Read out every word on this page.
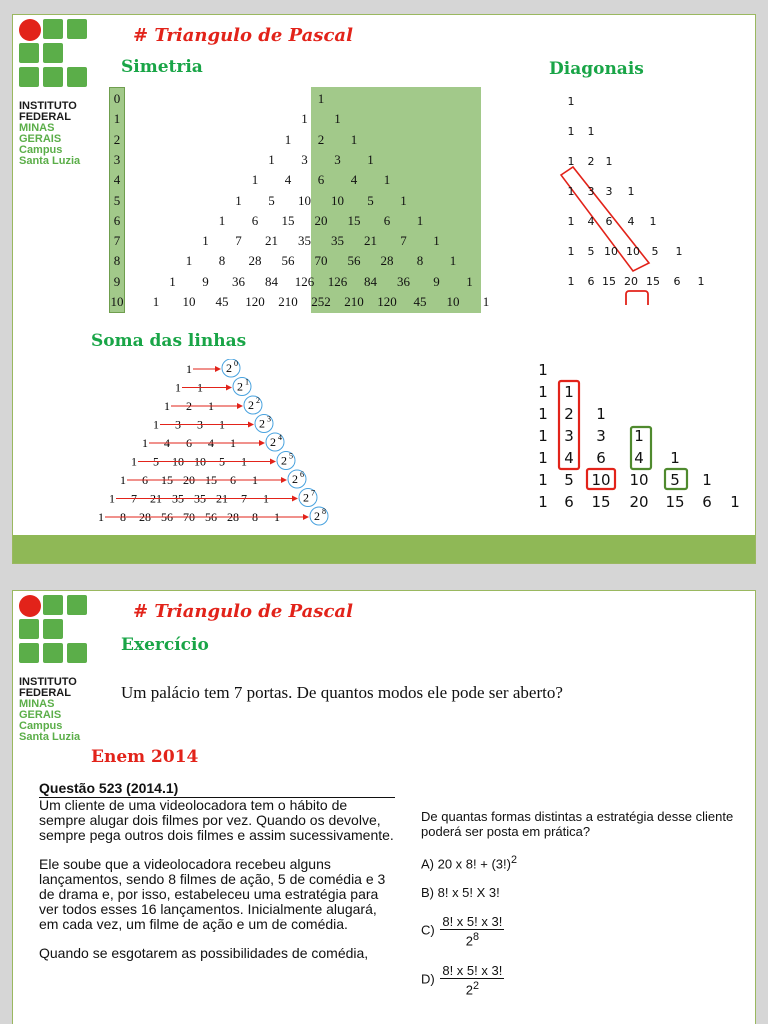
INSTITUTO
FEDERAL
MINAS GERAIS
Campus
Santa Luzia
# Triangulo de Pascal
Simetria	Diagonais
Soma das linhas
0	1
1	1 1
2	1 2 1
3	1 3 3 1
4	1 4 6 4 1
5	1 5 10 10 5 1
6	1 6 15 20 15 6 1
7	1 7 21 35 35 21 7 1
8	1 8 28 56 70 56 28 8 1
9	1 9 36 84 126 126 84 36 9 1
10 1 10 45 120 210 252 210 120 45 10 1
1
1 1
1 2 1
1 3 3 1
1 4 6 4 1
1 5 10 10 5 1
1 6 15 20 15 6 1
1	2 0
1 1	2 1
1 2 1	2 2
1 3 3 1	2 3
1 4 6 4 1	2 4
1 5 10 10 5 1	2 5
1 6 15 20 15 6 1	2 6
1 7 21 35 35 21 7 1	2 7
1 8 28 56 70 56 28 8 1	2 8
1
1 1
1 2 1
1 3 3 1
1 4 6 4 1
1 5 10 10 5 1
1 6 15 20 15 6 1
INSTITUTO
FEDERAL
MINAS GERAIS
Campus
Santa Luzia
# Triangulo de Pascal
Exercício
Um palácio tem 7 portas. De quantos modos ele pode ser aberto?
Enem 2014
Questão 523 (2014.1)

Um cliente de uma videolocadora tem o hábito de sempre alugar dois filmes por vez. Quando os devolve, sempre pega outros dois filmes e assim sucessivamente.

Ele soube que a videolocadora recebeu alguns lançamentos, sendo 8 filmes de ação, 5 de comédia e 3 de drama e, por isso, estabeleceu uma estratégia para ver todos esses 16 lançamentos. Inicialmente alugará, em cada vez, um filme de ação e um de comédia.

Quando se esgotarem as possibilidades de comédia,

De quantas formas distintas a estratégia desse cliente poderá ser posta em prática?
A) 20 x 8! + $(3!)^2$
B) 8! x 5! X 3!
$C) \frac{8! x 5! x 3!}{2^8}$
$D) \frac{8! x 5! x 3!}{2^2}$
